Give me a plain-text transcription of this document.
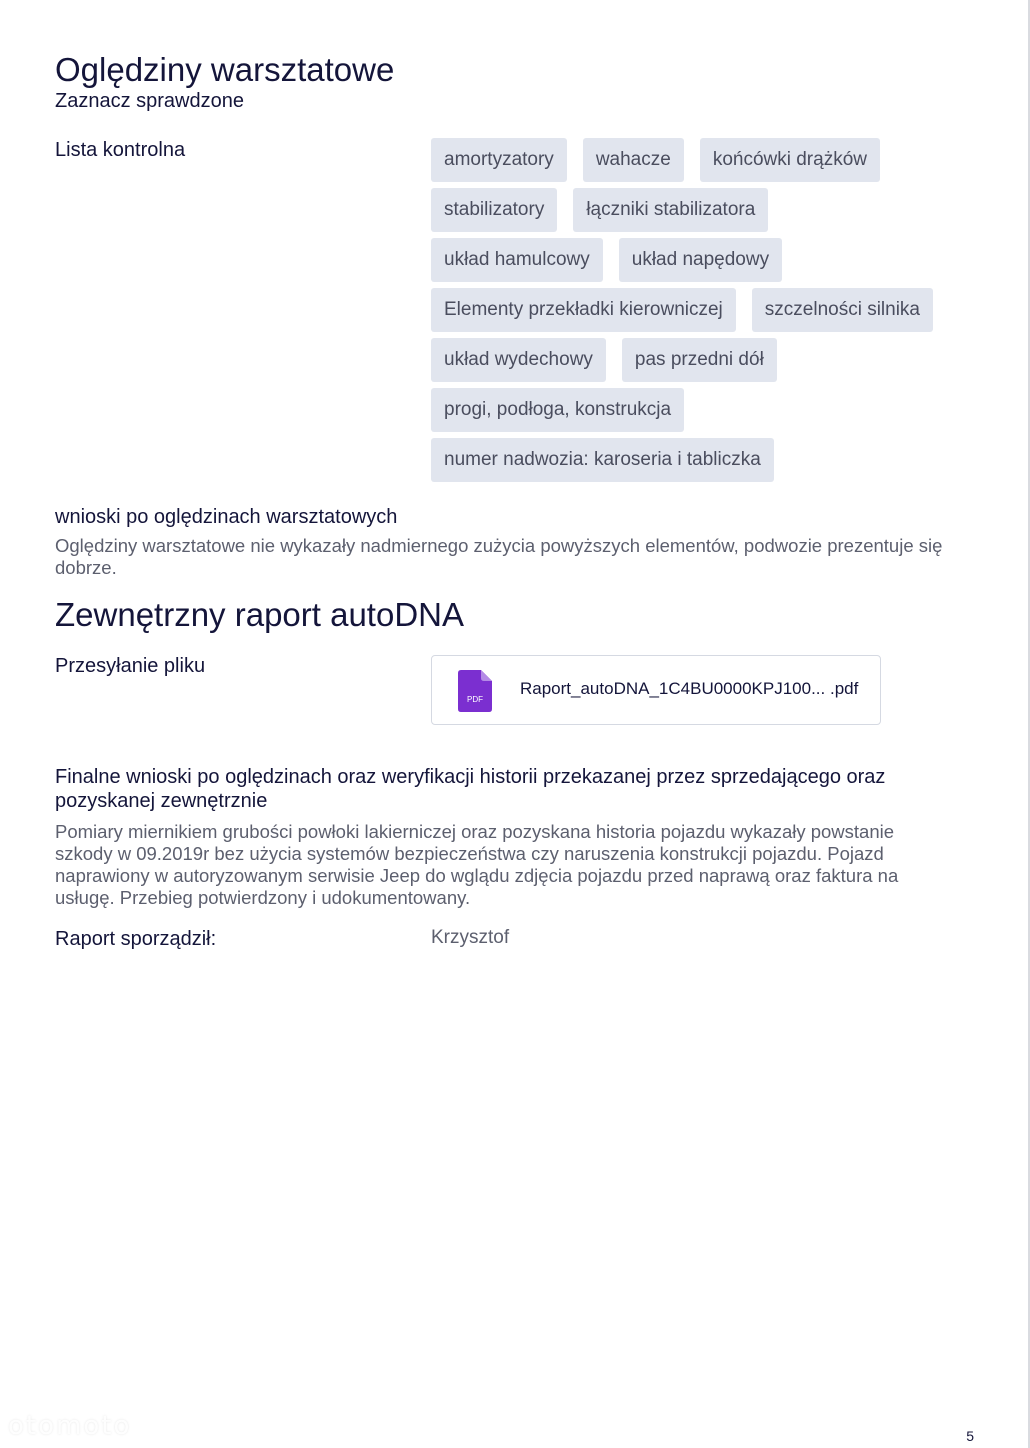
Oględziny warsztatowe
Zaznacz sprawdzone
Lista kontrolna	amortyzatory	wahacze	końcówki drążków
stabilizatory	łączniki stabilizatora
układ hamulcowy	układ napędowy
Elementy przekładki kierowniczej	szczelności silnika
układ wydechowy	pas przedni dół
progi, podłoga, konstrukcja
numer nadwozia: karoseria i tabliczka
wnioski po oględzinach warsztatowych
Oględziny warsztatowe nie wykazały nadmiernego zużycia powyższych elementów, podwozie prezentuje się dobrze.
Zewnętrzny raport autoDNA
Przesyłanie pliku
PDF
Raport_autoDNA_1C4BU0000KPJ100... .pdf
Finalne wnioski po oględzinach oraz weryfikacji historii przekazanej przez sprzedającego oraz pozyskanej zewnętrznie
Pomiary miernikiem grubości powłoki lakierniczej oraz pozyskana historia pojazdu wykazały powstanie szkody w 09.2019r bez użycia systemów bezpieczeństwa czy naruszenia konstrukcji pojazdu. Pojazd naprawiony w autoryzowanym serwisie Jeep do wglądu zdjęcia pojazdu przed naprawą oraz faktura na usługę. Przebieg potwierdzony i udokumentowany.
Raport sporządził:	Krzysztof
otomoto	5
